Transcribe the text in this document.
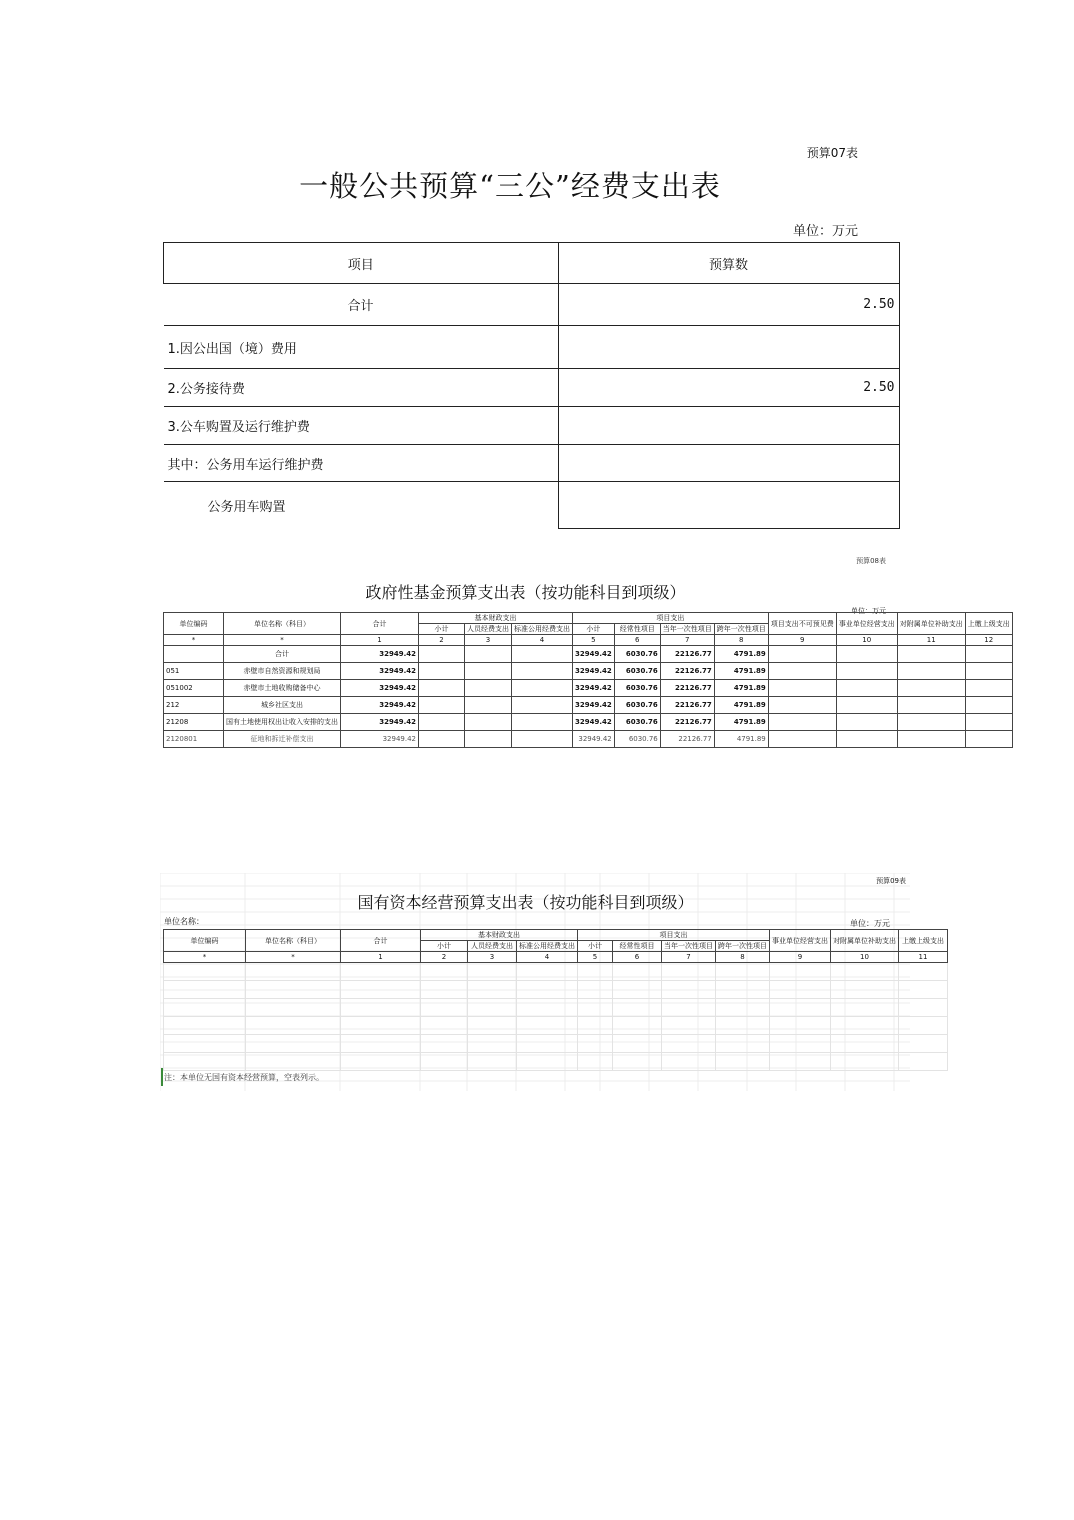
预算07表
一般公共预算“三公”经费支出表
单位：万元
项目	预算数
合计	2.50
1.因公出国（境）费用	
2.公务接待费	2.50
3.公车购置及运行维护费	
其中：公务用车运行维护费	
公务用车购置	
预算08表
政府性基金预算支出表（按功能科目到项级）
单位：万元
单位编码	单位名称（科目）	合计	基本财政支出			项目支出				项目支出不可预见费	事业单位经营支出	对附属单位补助支出	上缴上级支出
			小计	人员经费支出	标准公用经费支出	小计	经常性项目	当年一次性项目	跨年一次性项目				
*	*	1	2	3	4	5	6	7	8	9	10	11	12
	合计	32949.42				32949.42	6030.76	22126.77	4791.89				
051	赤壁市自然资源和规划局	32949.42				32949.42	6030.76	22126.77	4791.89				
051002	赤壁市土地收购储备中心	32949.42				32949.42	6030.76	22126.77	4791.89				
212	城乡社区支出	32949.42				32949.42	6030.76	22126.77	4791.89				
21208	国有土地使用权出让收入安排的支出	32949.42				32949.42	6030.76	22126.77	4791.89				
2120801	征地和拆迁补偿支出	32949.42				32949.42	6030.76	22126.77	4791.89				
预算09表
国有资本经营预算支出表（按功能科目到项级）
单位名称：	单位：万元
单位编码	单位名称（科目）	合计	基本财政支出			项目支出				事业单位经营支出	对附属单位补助支出	上缴上级支出
			小计	人员经费支出	标准公用经费支出	小计	经常性项目	当年一次性项目	跨年一次性项目			
*	*	1	2	3	4	5	6	7	8	9	10	11

注：本单位无国有资本经营预算，空表列示。
